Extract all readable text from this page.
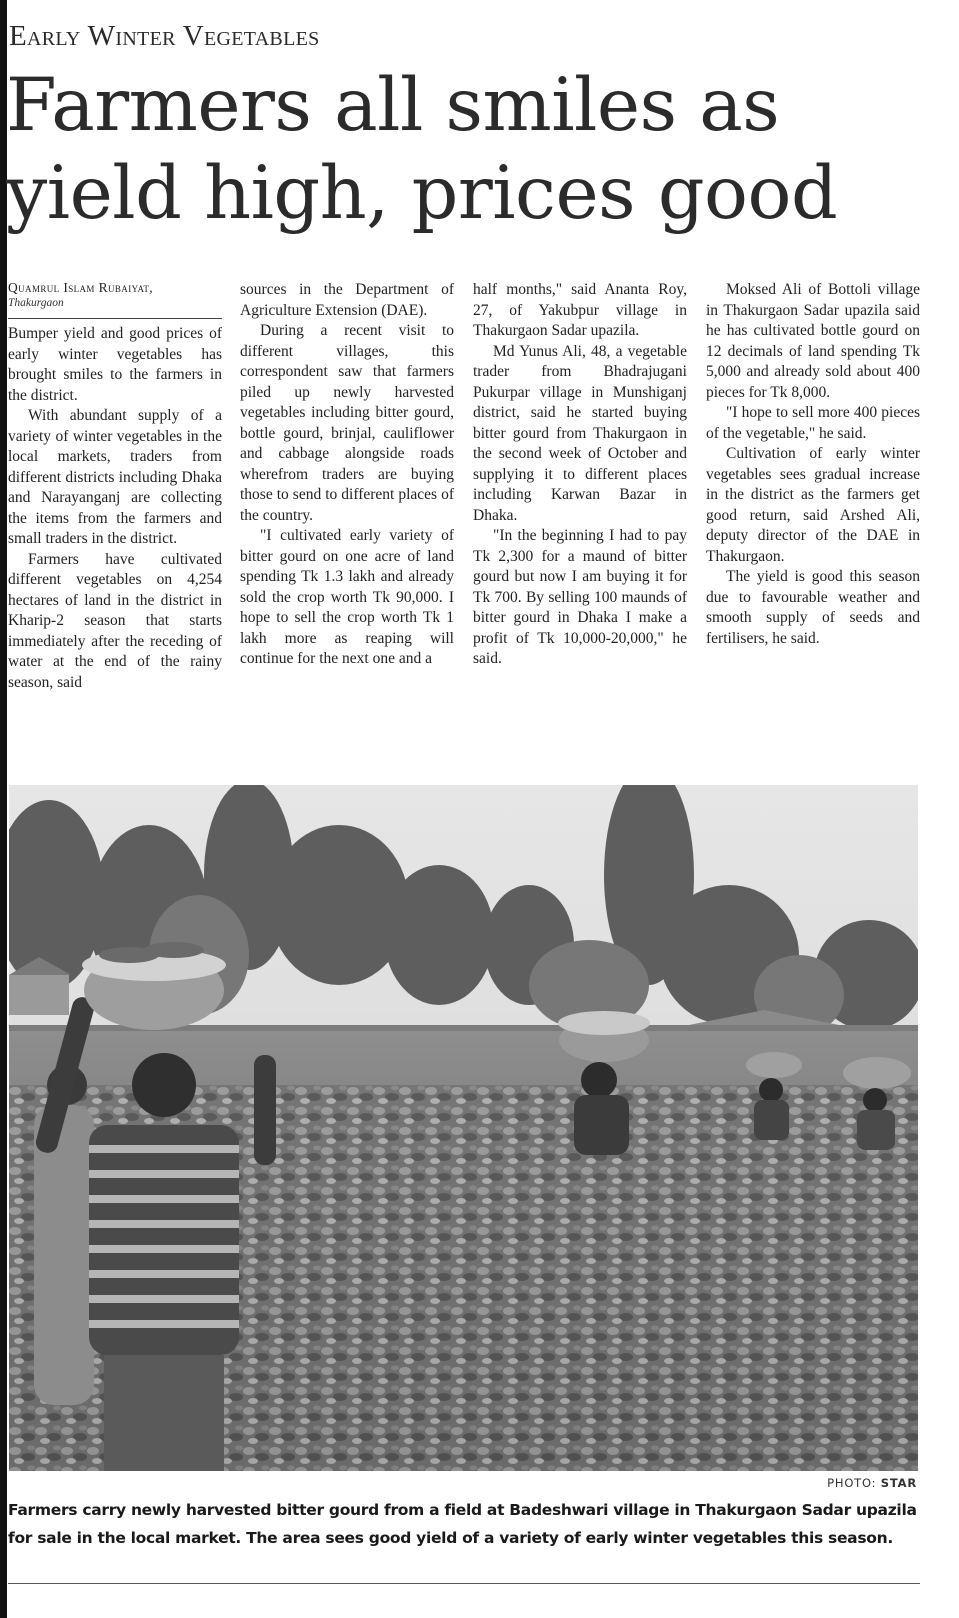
Early Winter Vegetables
Farmers all smiles as yield high, prices good
Quamrul Islam Rubaiyat,
Thakurgaon

Bumper yield and good prices of early winter vegetables has brought smiles to the farmers in the district.

With abundant supply of a variety of winter vegetables in the local markets, traders from different districts including Dhaka and Narayanganj are collecting the items from the farmers and small traders in the district.

Farmers have cultivated different vegetables on 4,254 hectares of land in the district in Kharip-2 season that starts immediately after the receding of water at the end of the rainy season, said

sources in the Department of Agriculture Extension (DAE).

During a recent visit to different villages, this correspondent saw that farmers piled up newly harvested vegetables including bitter gourd, bottle gourd, brinjal, cauliflower and cabbage alongside roads wherefrom traders are buying those to send to different places of the country.

"I cultivated early variety of bitter gourd on one acre of land spending Tk 1.3 lakh and already sold the crop worth Tk 90,000. I hope to sell the crop worth Tk 1 lakh more as reaping will continue for the next one and a

half months," said Ananta Roy, 27, of Yakubpur village in Thakurgaon Sadar upazila.

Md Yunus Ali, 48, a vegetable trader from Bhadrajugani Pukurpar village in Munshiganj district, said he started buying bitter gourd from Thakurgaon in the second week of October and supplying it to different places including Karwan Bazar in Dhaka.

"In the beginning I had to pay Tk 2,300 for a maund of bitter gourd but now I am buying it for Tk 700. By selling 100 maunds of bitter gourd in Dhaka I make a profit of Tk 10,000-20,000," he said.

Moksed Ali of Bottoli village in Thakurgaon Sadar upazila said he has cultivated bottle gourd on 12 decimals of land spending Tk 5,000 and already sold about 400 pieces for Tk 8,000.

"I hope to sell more 400 pieces of the vegetable," he said.

Cultivation of early winter vegetables sees gradual increase in the district as the farmers get good return, said Arshed Ali, deputy director of the DAE in Thakurgaon.

The yield is good this season due to favourable weather and smooth supply of seeds and fertilisers, he said.

PHOTO: STAR
Farmers carry newly harvested bitter gourd from a field at Badeshwari village in Thakurgaon Sadar upazila for sale in the local market. The area sees good yield of a variety of early winter vegetables this season.
